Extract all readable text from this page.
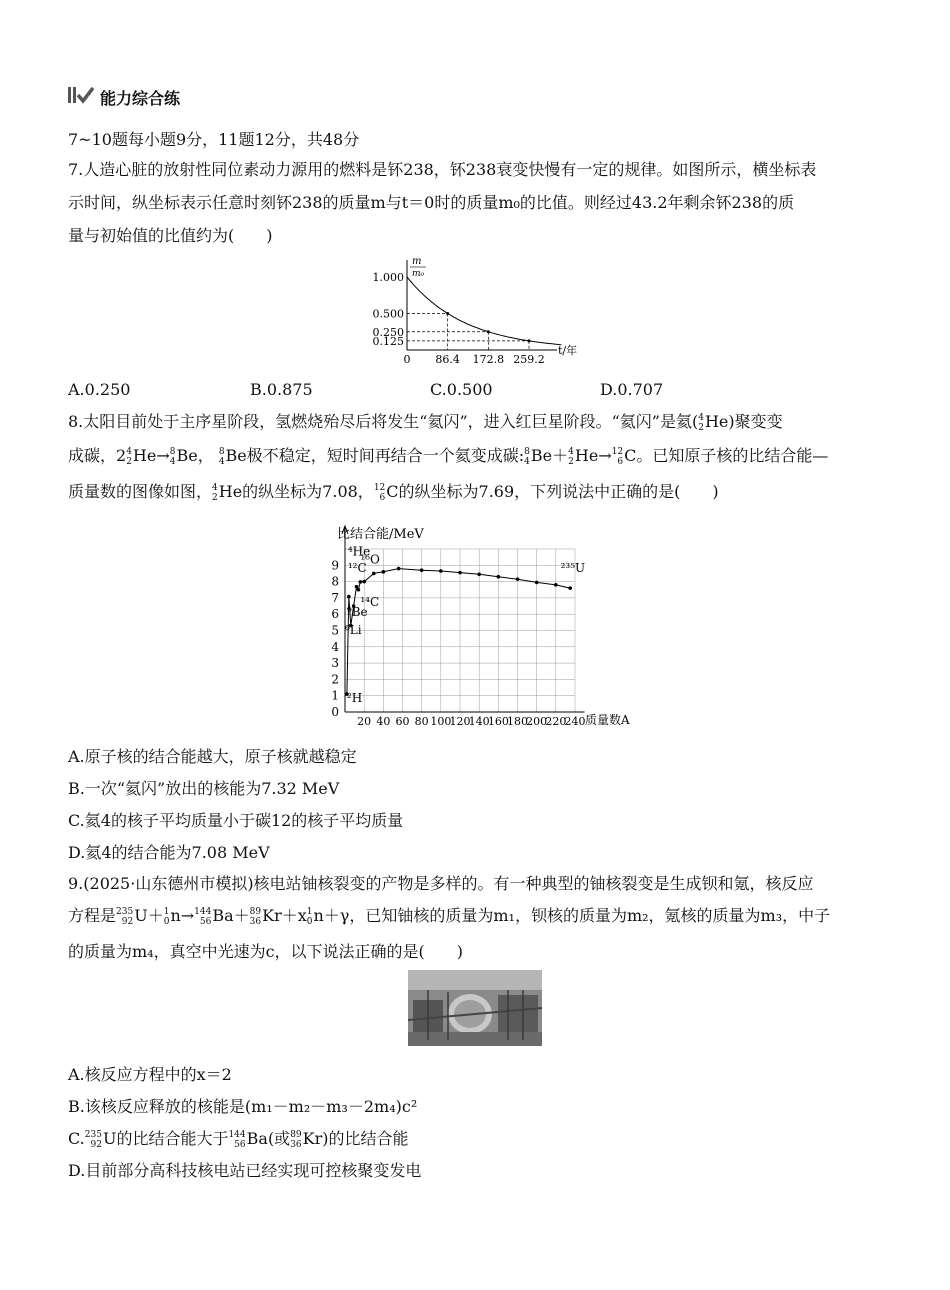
能力综合练
7~10题每小题9分，11题12分，共48分
7.人造心脏的放射性同位素动力源用的燃料是钚238，钚238衰变快慢有一定的规律。如图所示，横坐标表
示时间，纵坐标表示任意时刻钚238的质量m与t＝0时的质量m₀的比值。则经过43.2年剩余钚238的质
量与初始值的比值约为(　　)
m
m₀
t/年
1.000
0
0.500
86.4
0.250
172.8
0.125
259.2
A.0.250	B.0.875	C.0.500	D.0.707
8.太阳目前处于主序星阶段，氢燃烧殆尽后将发生“氦闪”，进入红巨星阶段。“氦闪”是氦( 4
2 He)聚变变
成碳，2 4
2 He→ 8
4 Be， 8
4 Be极不稳定，短时间再结合一个氦变成碳: 8
4 Be＋ 4
2 He→ 12
6 C。已知原子核的比结合能—
质量数的图像如图， 4
2 He的纵坐标为7.08， 12
6 C的纵坐标为7.69，下列说法中正确的是(　　)
比结合能/MeV
质量数A
0
1
2
3
4
5
6
7
8
9
20 40 60 80 100
120
140
160
180
200
220
240
⁴He
¹²C
¹⁶O
¹⁴C
⁹Be
⁶Li
²H
²³⁵U
A.原子核的结合能越大，原子核就越稳定
B.一次“氦闪”放出的核能为7.32 MeV
C.氦4的核子平均质量小于碳12的核子平均质量
D.氦4的结合能为7.08 MeV
9.(2025·山东德州市模拟)核电站铀核裂变的产物是多样的。有一种典型的铀核裂变是生成钡和氪，核反应
方程是 235
92 U＋ 1
0 n→ 144
56 Ba＋ 89
36 Kr＋x 1
0 n＋γ，已知铀核的质量为m₁，钡核的质量为m₂，氪核的质量为m₃，中子
的质量为m₄，真空中光速为c，以下说法正确的是(　　)
A.核反应方程中的x＝2
B.该核反应释放的核能是(m₁－m₂－m₃－2m₄)c²
C. 235
92 U的比结合能大于 144
56 Ba(或 89
36 Kr)的比结合能
D.目前部分高科技核电站已经实现可控核聚变发电
